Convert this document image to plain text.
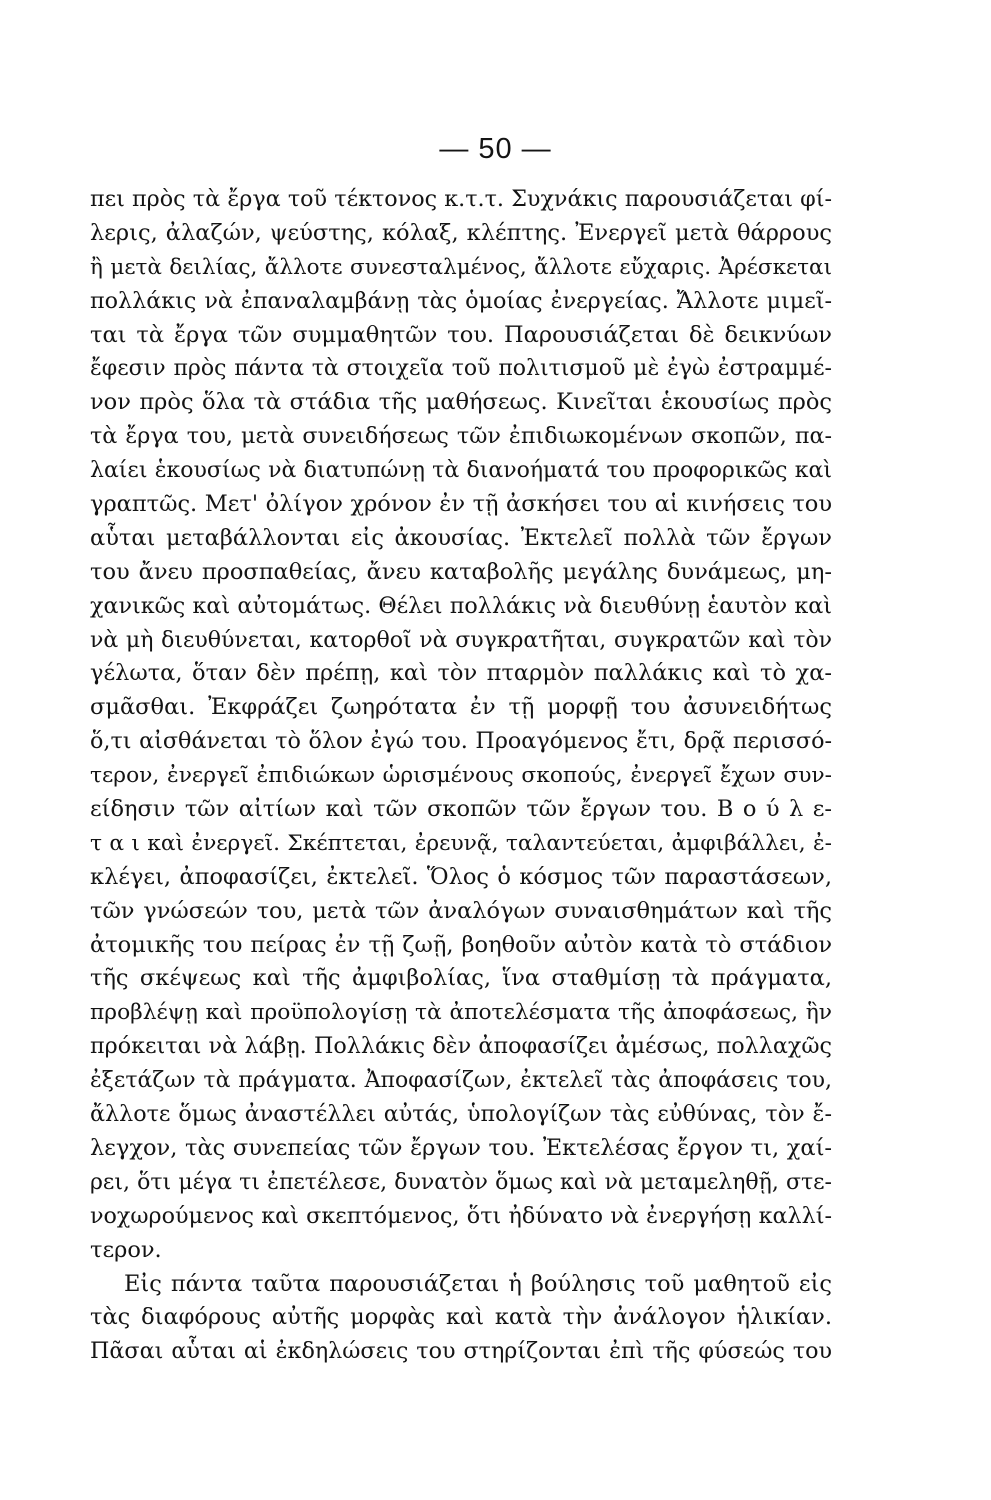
— 50 —
πει πρὸς τὰ ἔργα τοῦ τέκτονος κ.τ.τ. Συχνάκις παρουσιάζεται φί-
λερις, ἀλαζών, ψεύστης, κόλαξ, κλέπτης. Ἐνεργεῖ μετὰ θάρρους
ἢ μετὰ δειλίας, ἄλλοτε συνεσταλμένος, ἄλλοτε εὔχαρις. Ἀρέσκεται
πολλάκις νὰ ἐπαναλαμβάνῃ τὰς ὁμοίας ἐνεργείας. Ἄλλοτε μιμεῖ-
ται τὰ ἔργα τῶν συμμαθητῶν του. Παρουσιάζεται δὲ δεικνύων
ἔφεσιν πρὸς πάντα τὰ στοιχεῖα τοῦ πολιτισμοῦ μὲ ἐγὼ ἐστραμμέ-
νον πρὸς ὅλα τὰ στάδια τῆς μαθήσεως. Κινεῖται ἑκουσίως πρὸς
τὰ ἔργα του, μετὰ συνειδήσεως τῶν ἐπιδιωκομένων σκοπῶν, πα-
λαίει ἑκουσίως νὰ διατυπώνῃ τὰ διανοήματά του προφορικῶς καὶ
γραπτῶς. Μετ' ὀλίγον χρόνον ἐν τῇ ἀσκήσει του αἱ κινήσεις του
αὗται μεταβάλλονται εἰς ἀκουσίας. Ἐκτελεῖ πολλὰ τῶν ἔργων
του ἄνευ προσπαθείας, ἄνευ καταβολῆς μεγάλης δυνάμεως, μη-
χανικῶς καὶ αὐτομάτως. Θέλει πολλάκις νὰ διευθύνῃ ἑαυτὸν καὶ
νὰ μὴ διευθύνεται, κατορθοῖ νὰ συγκρατῆται, συγκρατῶν καὶ τὸν
γέλωτα, ὅταν δὲν πρέπῃ, καὶ τὸν πταρμὸν παλλάκις καὶ τὸ χα-
σμᾶσθαι. Ἐκφράζει ζωηρότατα ἐν τῇ μορφῇ του ἀσυνειδήτως
ὅ,τι αἰσθάνεται τὸ ὅλον ἐγώ του. Προαγόμενος ἔτι, δρᾷ περισσό-
τερον, ἐνεργεῖ ἐπιδιώκων ὡρισμένους σκοπούς, ἐνεργεῖ ἔχων συν-
είδησιν τῶν αἰτίων καὶ τῶν σκοπῶν τῶν ἔργων του. Β ο ύ λ ε-
τ α ι καὶ ἐνεργεῖ. Σκέπτεται, ἐρευνᾷ, ταλαντεύεται, ἀμφιβάλλει, ἐ-
κλέγει, ἀποφασίζει, ἐκτελεῖ. Ὅλος ὁ κόσμος τῶν παραστάσεων,
τῶν γνώσεών του, μετὰ τῶν ἀναλόγων συναισθημάτων καὶ τῆς
ἀτομικῆς του πείρας ἐν τῇ ζωῇ, βοηθοῦν αὐτὸν κατὰ τὸ στάδιον
τῆς σκέψεως καὶ τῆς ἀμφιβολίας, ἵνα σταθμίσῃ τὰ πράγματα,
προβλέψῃ καὶ προϋπολογίσῃ τὰ ἀποτελέσματα τῆς ἀποφάσεως, ἣν
πρόκειται νὰ λάβῃ. Πολλάκις δὲν ἀποφασίζει ἀμέσως, πολλαχῶς
ἐξετάζων τὰ πράγματα. Ἀποφασίζων, ἐκτελεῖ τὰς ἀποφάσεις του,
ἄλλοτε ὅμως ἀναστέλλει αὐτάς, ὑπολογίζων τὰς εὐθύνας, τὸν ἔ-
λεγχον, τὰς συνεπείας τῶν ἔργων του. Ἐκτελέσας ἔργον τι, χαί-
ρει, ὅτι μέγα τι ἐπετέλεσε, δυνατὸν ὅμως καὶ νὰ μεταμεληθῇ, στε-
νοχωρούμενος καὶ σκεπτόμενος, ὅτι ἠδύνατο νὰ ἐνεργήσῃ καλλί-
τερον.
Εἰς πάντα ταῦτα παρουσιάζεται ἡ βούλησις τοῦ μαθητοῦ εἰς
τὰς διαφόρους αὐτῆς μορφὰς καὶ κατὰ τὴν ἀνάλογον ἡλικίαν.
Πᾶσαι αὗται αἱ ἐκδηλώσεις του στηρίζονται ἐπὶ τῆς φύσεώς του
